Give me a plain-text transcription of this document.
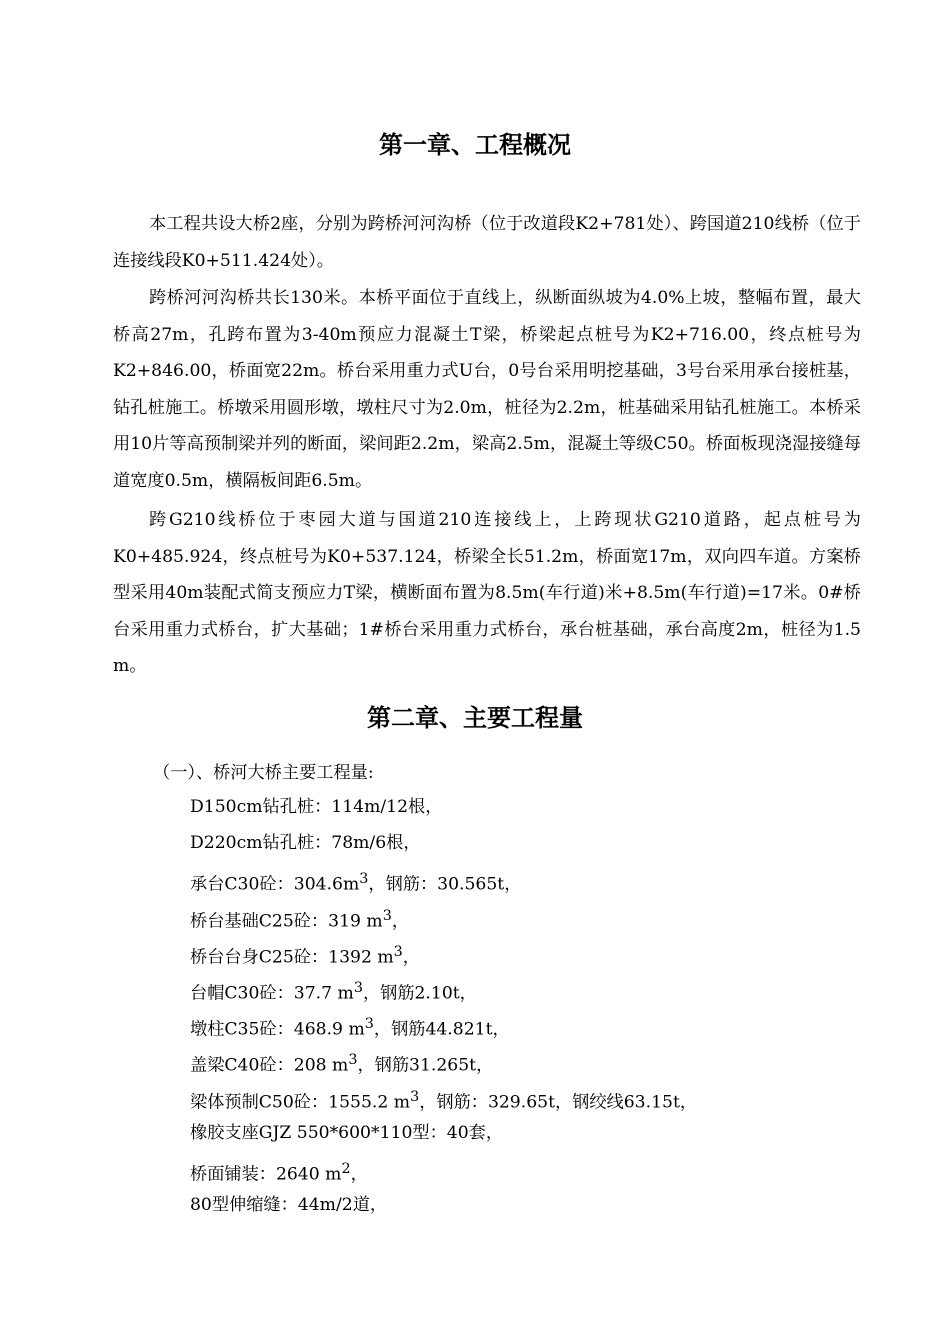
第一章、工程概况

本工程共设大桥2座，分别为跨桥河河沟桥（位于改道段K2+781处）、跨国道210线桥（位于连接线段K0+511.424处）。

跨桥河河沟桥共长130米。本桥平面位于直线上，纵断面纵坡为4.0%上坡，整幅布置，最大桥高27m，孔跨布置为3-40m预应力混凝土T梁，桥梁起点桩号为K2+716.00，终点桩号为K2+846.00，桥面宽22m。桥台采用重力式U台，0号台采用明挖基础，3号台采用承台接桩基，钻孔桩施工。桥墩采用圆形墩，墩柱尺寸为2.0m，桩径为2.2m，桩基础采用钻孔桩施工。本桥采用10片等高预制梁并列的断面，梁间距2.2m，梁高2.5m，混凝土等级C50。桥面板现浇湿接缝每道宽度0.5m，横隔板间距6.5m。

跨G210线桥位于枣园大道与国道210连接线上，上跨现状G210道路，起点桩号为K0+485.924，终点桩号为K0+537.124，桥梁全长51.2m，桥面宽17m，双向四车道。方案桥型采用40m装配式简支预应力T梁，横断面布置为8.5m(车行道)米+8.5m(车行道)=17米。0#桥台采用重力式桥台，扩大基础；1#桥台采用重力式桥台，承台桩基础，承台高度2m，桩径为1.5 m。

第二章、主要工程量
（一）、桥河大桥主要工程量:
D150cm钻孔桩：114m/12根，
D220cm钻孔桩：78m/6根，
承台C30砼：$304.6m^3$，钢筋：30.565t，
桥台基础C25砼：319 $m^3$，
桥台台身C25砼：1392 $m^3$，
台帽C30砼：37.7 $m^3$，钢筋2.10t，
墩柱C35砼：468.9 $m^3$，钢筋44.821t，
盖梁C40砼：208 $m^3$，钢筋31.265t，
梁体预制C50砼：1555.2 $m^3$，钢筋：329.65t，钢绞线63.15t，
橡胶支座GJZ 550*600*110型：40套，
桥面铺装：2640 $m^2$，
80型伸缩缝：44m/2道，
